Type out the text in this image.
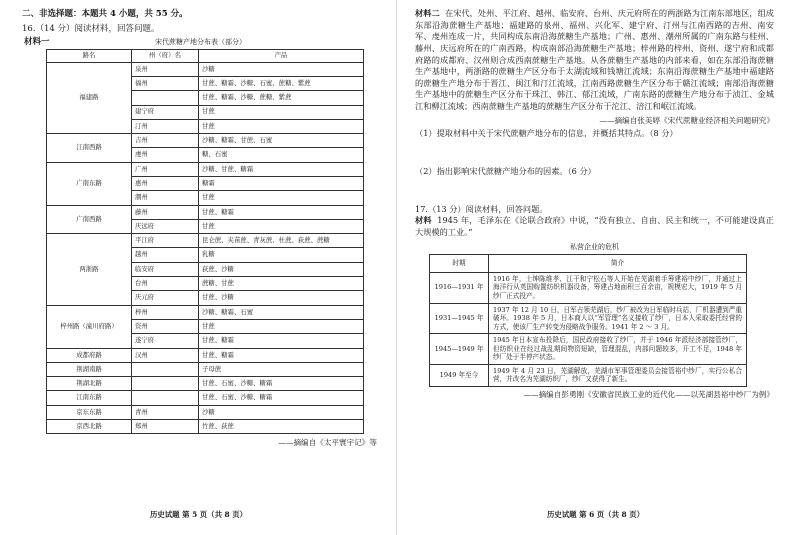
二、非选择题：本题共 4 小题，共 55 分。

16.（14 分）阅读材料，回答问题。

材料一	宋代蔗糖产地分布表（部分）
路名	州（府）名	产品
福建路	泉州	沙糖
	福州	甘蔗、糖霜、沙糖、石蜜、蔗糖、紫蔗
		甘蔗、糖霜、沙糖、蔗糖、紫蔗
	建宁府	甘蔗
	汀州	甘蔗
江南西路	吉州	沙糖、糖霜、甘蔗、石蜜
	虔州	糖、石蜜
广南东路	广州	沙糖、甘蔗、糖霜
	惠州	糖霜
	潮州	甘蔗
广南西路	藤州	甘蔗、糖霜
	庆远府	甘蔗
两浙路	平江府	昆仑蔗、夹苗蔗、青灰蔗、杜蔗、荻蔗、蔗糖
	越州	乳糖
	临安府	荻蔗、沙糖
	台州	蔗糖、甘蔗
	庆元府	甘蔗、沙糖
梓州路（潼川府路）	梓州	沙糖、糖霜、石蜜
	资州	甘蔗
	遂宁府	甘蔗、糖霜
成都府路	汉州	甘蔗、糖霜
荆湖南路		子母蔗
荆湖北路		甘蔗、石蜜、沙糖、糖霜
江南东路		甘蔗、石蜜、沙糖、糖霜
京东东路	青州	沙糖
京西北路	郑州	竹蔗、荻蔗
——摘编自《太平寰宇记》等
历史试题 第 5 页（共 8 页）

材料二 在宋代，处州、平江府、越州、临安府、台州、庆元府所在的两浙路为江南东部地区，组成东部沿海蔗糖生产基地；福建路的泉州、福州、兴化军、建宁府、汀州与江南西路的吉州、南安军、虔州连成一片，共同构成东南沿海蔗糖生产基地；广州、惠州、潮州所属的广南东路与桂州、藤州、庆远府所在的广南西路，构成南部沿海蔗糖生产基地；梓州路的梓州、资州、遂宁府和成都府路的成都府、汉州则合成西南蔗糖生产基地。从各蔗糖生产基地的内部来看，如在东部沿海蔗糖生产基地中，两浙路的蔗糖生产区分布于太湖流域和钱塘江流域；东南沿海蔗糖生产基地中福建路的蔗糖生产地分布于晋江、闽江和汀江流域，江南西路蔗糖生产区分布于赣江流域；南部沿海蔗糖生产基地中的蔗糖生产区分布于珠江、韩江、郁江流域，广南东路的蔗糖生产地分布于浈江、金城江和柳江流域；西南蔗糖生产基地的蔗糖生产区分布于沱江、涪江和岷江流域。

——摘编自张美婷《宋代蔗糖业经济相关问题研究》

（1）提取材料中关于宋代蔗糖产地分布的信息，并概括其特点。（8 分）

（2）指出影响宋代蔗糖产地分布的因素。（6 分）

17.（13 分）阅读材料，回答问题。

材料 1945 年，毛泽东在《论联合政府》中说，“没有独立、自由、民主和统一，不可能建设真正大规模的工业。”

私营企业的危机
时期	简介
1916—1931 年	1916 年，士绅陈维孝、江干和宁松石等人开始在芜湖着手筹建裕中纱厂，并通过上海洋行从英国购置纺织机器设备，筹建占地面积三百余亩，规模宏大，1919 年 5 月纱厂正式投产。
1931—1945 年	1937 年 12 月 10 日，日军占领芜湖后，纱厂被改为日军临时兵站，厂机器遭到严重破坏。1938 年 5 月，日本商人以“军管理”名义接收了纱厂，日本人采取委托经营的方式，使该厂生产转变为侵略战争服务。1941 年 2 ～ 3 月。
1945—1949 年	1945 年日本宣布投降后，国民政府接收了纱厂，并于 1946 年派经济部接管纱厂，但纺织业在经过战乱期间物资短缺，管理混乱，内部问题较多，开工不足，1948 年纱厂处于半停产状态。
1949 年至今	1949 年 4 月 23 日，芜湖解放，芜湖市军事管理委员会接管裕中纱厂，实行公私合营，并改名为芜湖纺织厂，纱厂又获得了新生。
——摘编自彭勇刚《安徽省民族工业的近代化——以芜湖县裕中纱厂为例》
历史试题 第 6 页（共 8 页）
